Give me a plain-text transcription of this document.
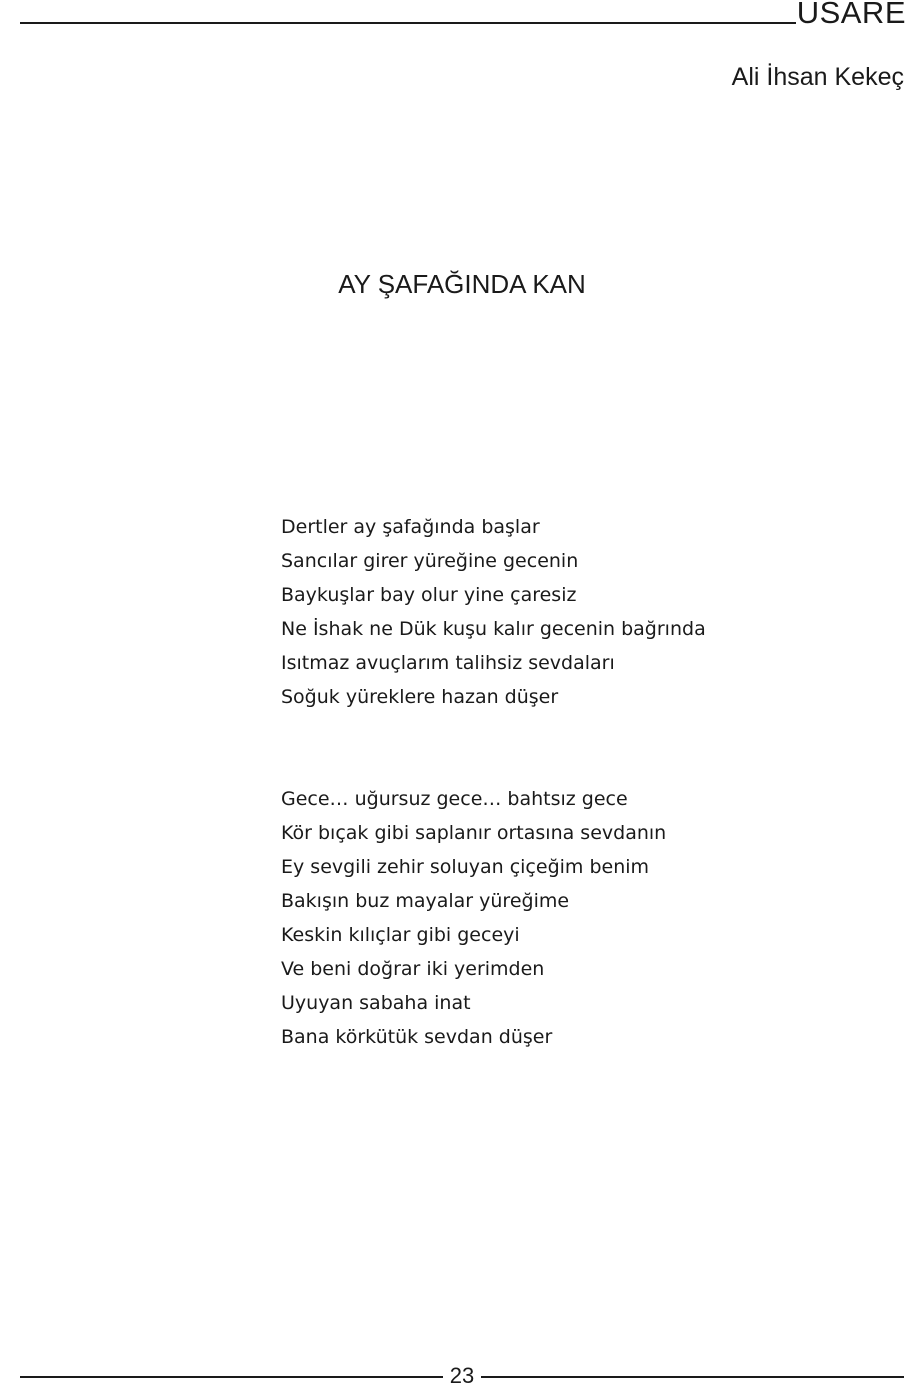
USARE
Ali İhsan Kekeç
AY ŞAFAĞINDA KAN
Dertler ay şafağında başlar
Sancılar girer yüreğine gecenin
Baykuşlar bay olur yine çaresiz
Ne İshak ne Dük kuşu kalır gecenin bağrında
Isıtmaz avuçlarım talihsiz sevdaları
Soğuk yüreklere hazan düşer
Gece… uğursuz gece… bahtsız gece
Kör bıçak gibi saplanır ortasına sevdanın
Ey sevgili zehir soluyan çiçeğim benim
Bakışın buz mayalar yüreğime
Keskin kılıçlar gibi geceyi
Ve beni doğrar iki yerimden
Uyuyan sabaha inat
Bana körkütük sevdan düşer
23
